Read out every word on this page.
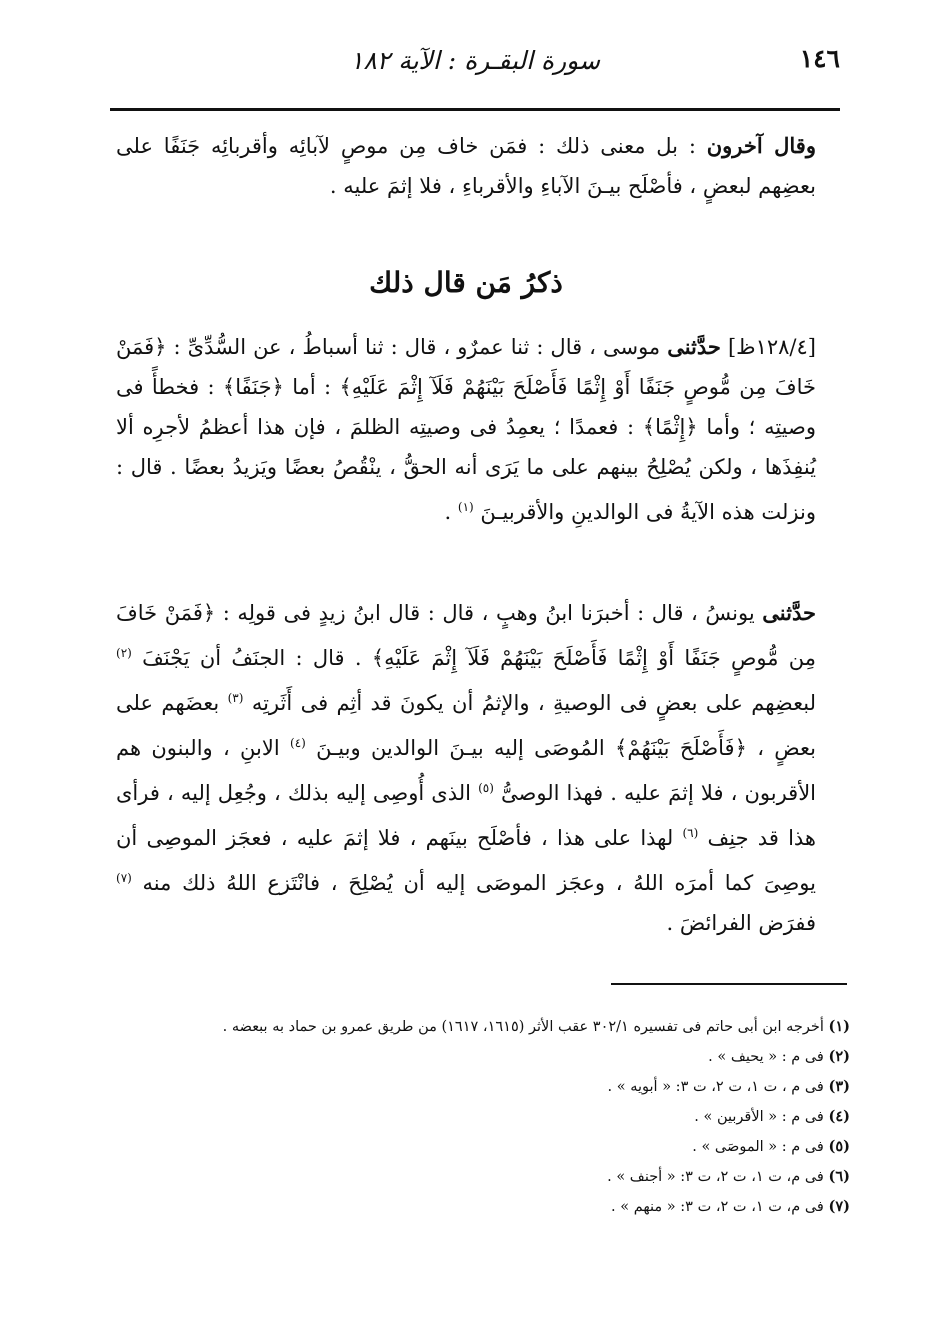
١٤٦
سورة البقـرة : الآية ١٨٢

وقال آخرون : بل معنى ذلك : فمَن خاف مِن موصٍ لآبائِه وأقربائِه جَنَفًا على بعضِهم لبعضٍ ، فأصْلَح بيـنَ الآباءِ والأقرباءِ ، فلا إثمَ عليه .

ذكرُ مَن قال ذلك

[١٢٨/٤ظ] حدَّثنى موسى ، قال : ثنا عمرٌو ، قال : ثنا أسباطُ ، عن السُّدِّىِّ : ﴿فَمَنْ خَافَ مِن مُّوصٍ جَنَفًا أَوْ إِثْمًا فَأَصْلَحَ بَيْنَهُمْ فَلَآ إِثْمَ عَلَيْهِ﴾ : أما ﴿جَنَفًا﴾ : فخطأً فى وصيتِه ؛ وأما ﴿إِثْمًا﴾ : فعمدًا ؛ يعمِدُ فى وصيتِه الظلمَ ، فإن هذا أعظمُ لأجرِه ألا يُنفِذَها ، ولكن يُصْلِحُ بينهم على ما يَرَى أنه الحقُّ ، ينْقُصُ بعضًا ويَزيدُ بعضًا . قال : ونزلت هذه الآيةُ فى الوالدينِ والأقربيـنَ $^{(١)}$ .

حدَّثنى يونسُ ، قال : أخبرَنا ابنُ وهبٍ ، قال : قال ابنُ زيدٍ فى قولِه : ﴿فَمَنْ خَافَ مِن مُّوصٍ جَنَفًا أَوْ إِثْمًا فَأَصْلَحَ بَيْنَهُمْ فَلَآ إِثْمَ عَلَيْهِ﴾ . قال : الجنَفُ أن يَجْنَفَ $^{(٢)}$ لبعضِهم على بعضٍ فى الوصيةِ ، والإثمُ أن يكونَ قد أثِم فى أَثَرتِه $^{(٣)}$ بعضَهم على بعضٍ ، ﴿فَأَصْلَحَ بَيْنَهُمْ﴾ المُوصَى إليه بيـنَ الوالدين وبيـنَ $^{(٤)}$ الابنِ ، والبنون هم الأقربون ، فلا إثمَ عليه . فهذا الوصىُّ $^{(٥)}$ الذى أُوصِى إليه بذلك ، وجُعِل إليه ، فرأى هذا قد جنِف $^{(٦)}$ لهذا على هذا ، فأصْلَح بينَهم ، فلا إثمَ عليه ، فعجَز الموصِى أن يوصِىَ كما أمرَه اللهُ ، وعجَز الموصَى إليه أن يُصْلِحَ ، فانْتَزع اللهُ ذلك منه $^{(٧)}$ ففرَض الفرائضَ .

(١) أخرجه ابن أبى حاتم فى تفسيره ٣٠٢/١ عقب الأثر (١٦١٥، ١٦١٧) من طريق عمرو بن حماد به ببعضه .

(٢) فى م : « يحيف » .

(٣) فى م ، ت ١، ت ٢، ت ٣: « أبويه » .

(٤) فى م : « الأقربين » .

(٥) فى م : « الموصَى » .

(٦) فى م، ت ١، ت ٢، ت ٣: « أجنف » .

(٧) فى م، ت ١، ت ٢، ت ٣: « منهم » .
